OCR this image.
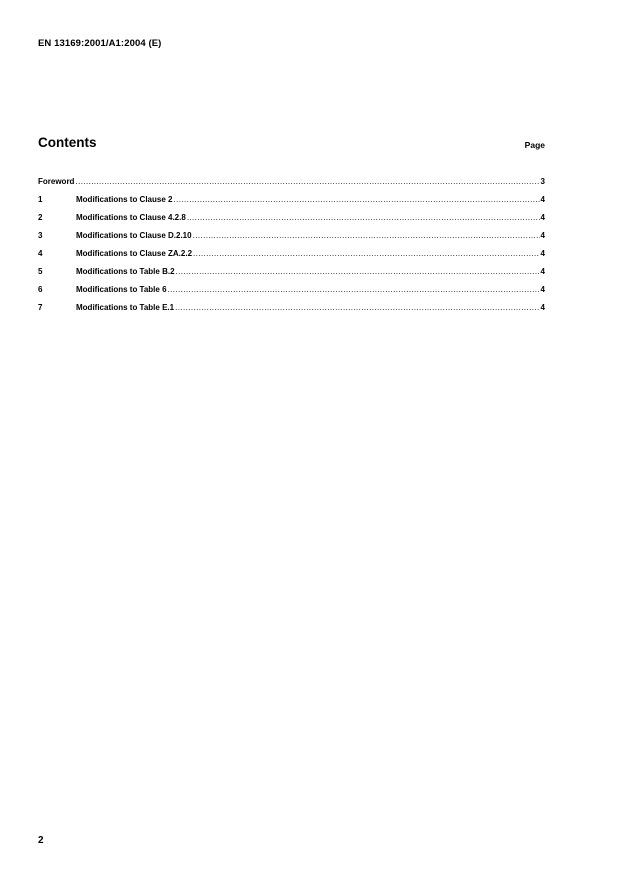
EN 13169:2001/A1:2004 (E)
Contents	Page
Foreword .....	3
1	Modifications to Clause 2 .....	4
2	Modifications to Clause 4.2.8 .....	4
3	Modifications to Clause D.2.10 .....	4
4	Modifications to Clause ZA.2.2 .....	4
5	Modifications to Table B.2 .....	4
6	Modifications to Table 6 .....	4
7	Modifications to Table E.1 .....	4
2
